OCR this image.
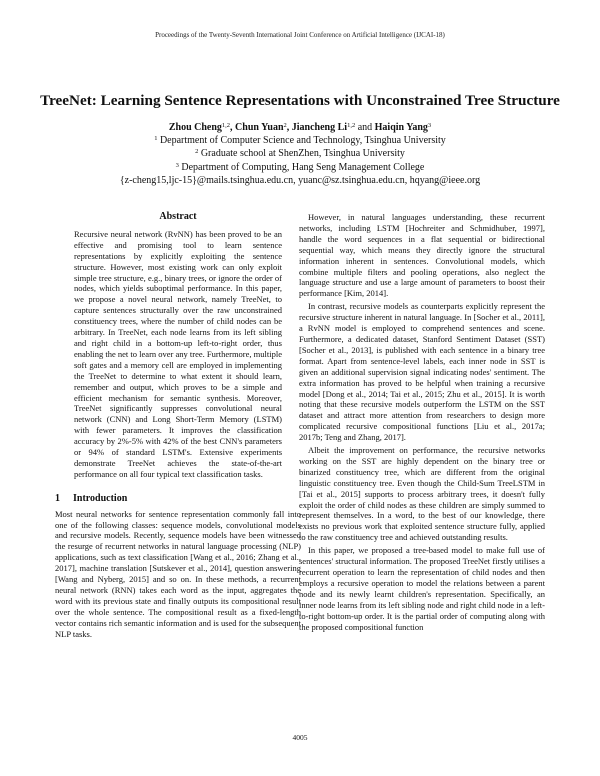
Proceedings of the Twenty-Seventh International Joint Conference on Artificial Intelligence (IJCAI-18)
TreeNet: Learning Sentence Representations with Unconstrained Tree Structure
Zhou Cheng$^{1,2}$, Chun Yuan$^2$, Jiancheng Li$^{1,2}$ and Haiqin Yang$^3$
$^1$ Department of Computer Science and Technology, Tsinghua University
$^2$ Graduate school at ShenZhen, Tsinghua University
$^3$ Department of Computing, Hang Seng Management College
{z-cheng15,ljc-15}@mails.tsinghua.edu.cn, yuanc@sz.tsinghua.edu.cn, hqyang@ieee.org
Abstract

Recursive neural network (RvNN) has been proved to be an effective and promising tool to learn sentence representations by explicitly exploiting the sentence structure. However, most existing work can only exploit simple tree structure, e.g., binary trees, or ignore the order of nodes, which yields suboptimal performance. In this paper, we propose a novel neural network, namely TreeNet, to capture sentences structurally over the raw unconstrained constituency trees, where the number of child nodes can be arbitrary. In TreeNet, each node learns from its left sibling and right child in a bottom-up left-to-right order, thus enabling the net to learn over any tree. Furthermore, multiple soft gates and a memory cell are employed in implementing the TreeNet to determine to what extent it should learn, remember and output, which proves to be a simple and efficient mechanism for semantic synthesis. Moreover, TreeNet significantly suppresses convolutional neural network (CNN) and Long Short-Term Memory (LSTM) with fewer parameters. It improves the classification accuracy by 2%-5% with 42% of the best CNN's parameters or 94% of standard LSTM's. Extensive experiments demonstrate TreeNet achieves the state-of-the-art performance on all four typical text classification tasks.

1 Introduction

Most neural networks for sentence representation commonly fall into one of the following classes: sequence models, convolutional models and recursive models. Recently, sequence models have been witnessed the resurge of recurrent networks in natural language processing (NLP) applications, such as text classification [Wang et al., 2016; Zhang et al., 2017], machine translation [Sutskever et al., 2014], question answering [Wang and Nyberg, 2015] and so on. In these methods, a recurrent neural network (RNN) takes each word as the input, aggregates the word with its previous state and finally outputs its compositional result over the whole sentence. The compositional result as a fixed-length vector contains rich semantic information and is used for the subsequent NLP tasks.

However, in natural languages understanding, these recurrent networks, including LSTM [Hochreiter and Schmidhuber, 1997], handle the word sequences in a flat sequential or bidirectional sequential way, which means they directly ignore the structural information inherent in sentences. Convolutional models, which combine multiple filters and pooling operations, also neglect the language structure and use a large amount of parameters to boost their performance [Kim, 2014].

In contrast, recursive models as counterparts explicitly represent the recursive structure inherent in natural language. In [Socher et al., 2011], a RvNN model is employed to comprehend sentences and scene. Furthermore, a dedicated dataset, Stanford Sentiment Dataset (SST) [Socher et al., 2013], is published with each sentence in a binary tree format. Apart from sentence-level labels, each inner node in SST is given an additional supervision signal indicating nodes' sentiment. The extra information has proved to be helpful when training a recursive model [Dong et al., 2014; Tai et al., 2015; Zhu et al., 2015]. It is worth noting that these recursive models outperform the LSTM on the SST dataset and attract more attention from researchers to design more complicated recursive compositional functions [Liu et al., 2017a; 2017b; Teng and Zhang, 2017].

Albeit the improvement on performance, the recursive networks working on the SST are highly dependent on the binary tree or binarized constituency tree, which are different from the original linguistic constituency tree. Even though the Child-Sum TreeLSTM in [Tai et al., 2015] supports to process arbitrary trees, it doesn't fully exploit the order of child nodes as these children are simply summed to represent themselves. In a word, to the best of our knowledge, there exists no previous work that exploited sentence structure fully, applied to the raw constituency tree and achieved outstanding results.

In this paper, we proposed a tree-based model to make full use of sentences' structural information. The proposed TreeNet firstly utilises a recurrent operation to learn the representation of child nodes and then employs a recursive operation to model the relations between a parent node and its newly learnt children's representation. Specifically, an inner node learns from its left sibling node and right child node in a left-to-right bottom-up order. It is the partial order of computing along with the proposed compositional function

4005
